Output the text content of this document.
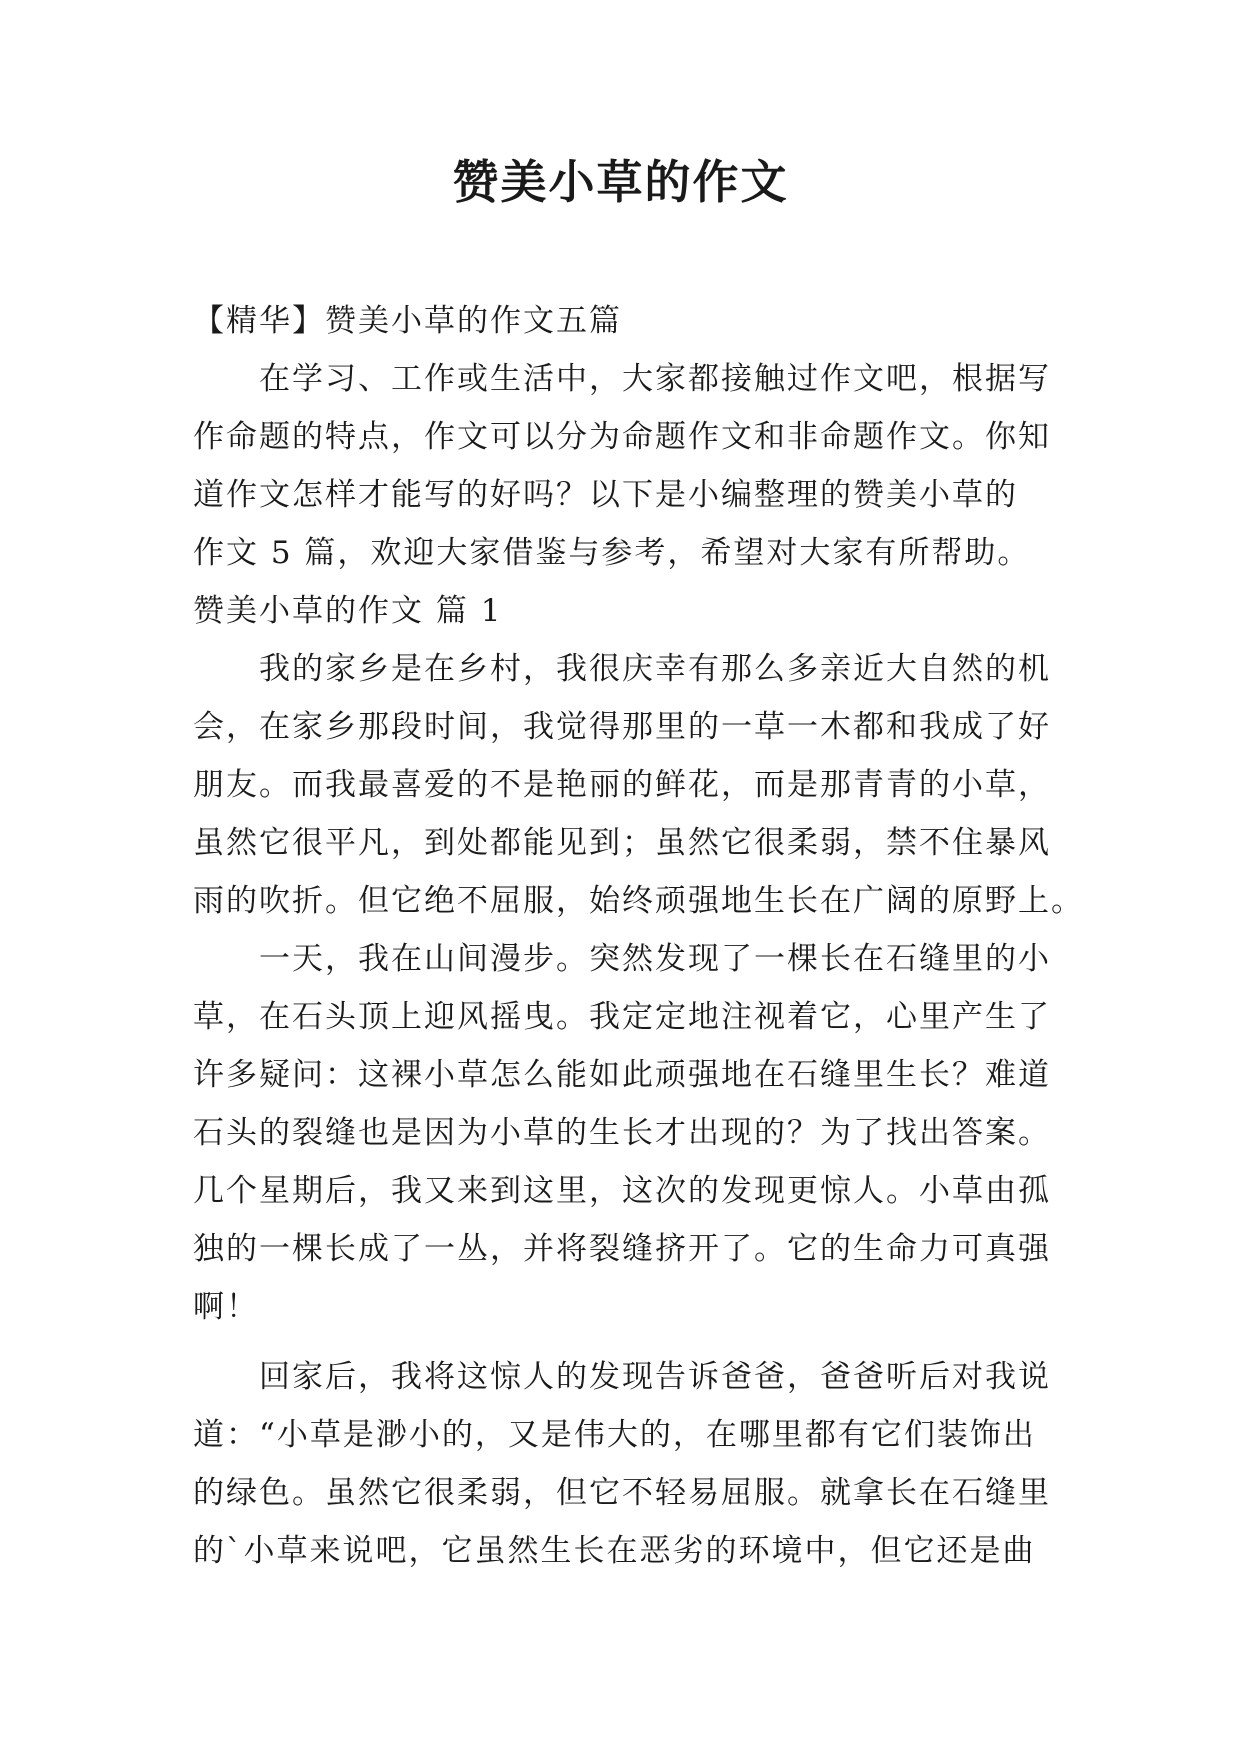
赞美小草的作文
【精华】赞美小草的作文五篇
在学习、工作或生活中，大家都接触过作文吧，根据写
作命题的特点，作文可以分为命题作文和非命题作文。你知
道作文怎样才能写的好吗？以下是小编整理的赞美小草的
作文 5 篇，欢迎大家借鉴与参考，希望对大家有所帮助。
赞美小草的作文 篇 1
我的家乡是在乡村，我很庆幸有那么多亲近大自然的机
会，在家乡那段时间，我觉得那里的一草一木都和我成了好
朋友。而我最喜爱的不是艳丽的鲜花，而是那青青的小草，
虽然它很平凡，到处都能见到；虽然它很柔弱，禁不住暴风
雨的吹折。但它绝不屈服，始终顽强地生长在广阔的原野上。
一天，我在山间漫步。突然发现了一棵长在石缝里的小
草，在石头顶上迎风摇曳。我定定地注视着它，心里产生了
许多疑问：这裸小草怎么能如此顽强地在石缝里生长？难道
石头的裂缝也是因为小草的生长才出现的？为了找出答案。
几个星期后，我又来到这里，这次的发现更惊人。小草由孤
独的一棵长成了一丛，并将裂缝挤开了。它的生命力可真强
啊！
回家后，我将这惊人的发现告诉爸爸，爸爸听后对我说
道：“小草是渺小的，又是伟大的，在哪里都有它们装饰出
的绿色。虽然它很柔弱，但它不轻易屈服。就拿长在石缝里
的`小草来说吧，它虽然生长在恶劣的环境中，但它还是曲
